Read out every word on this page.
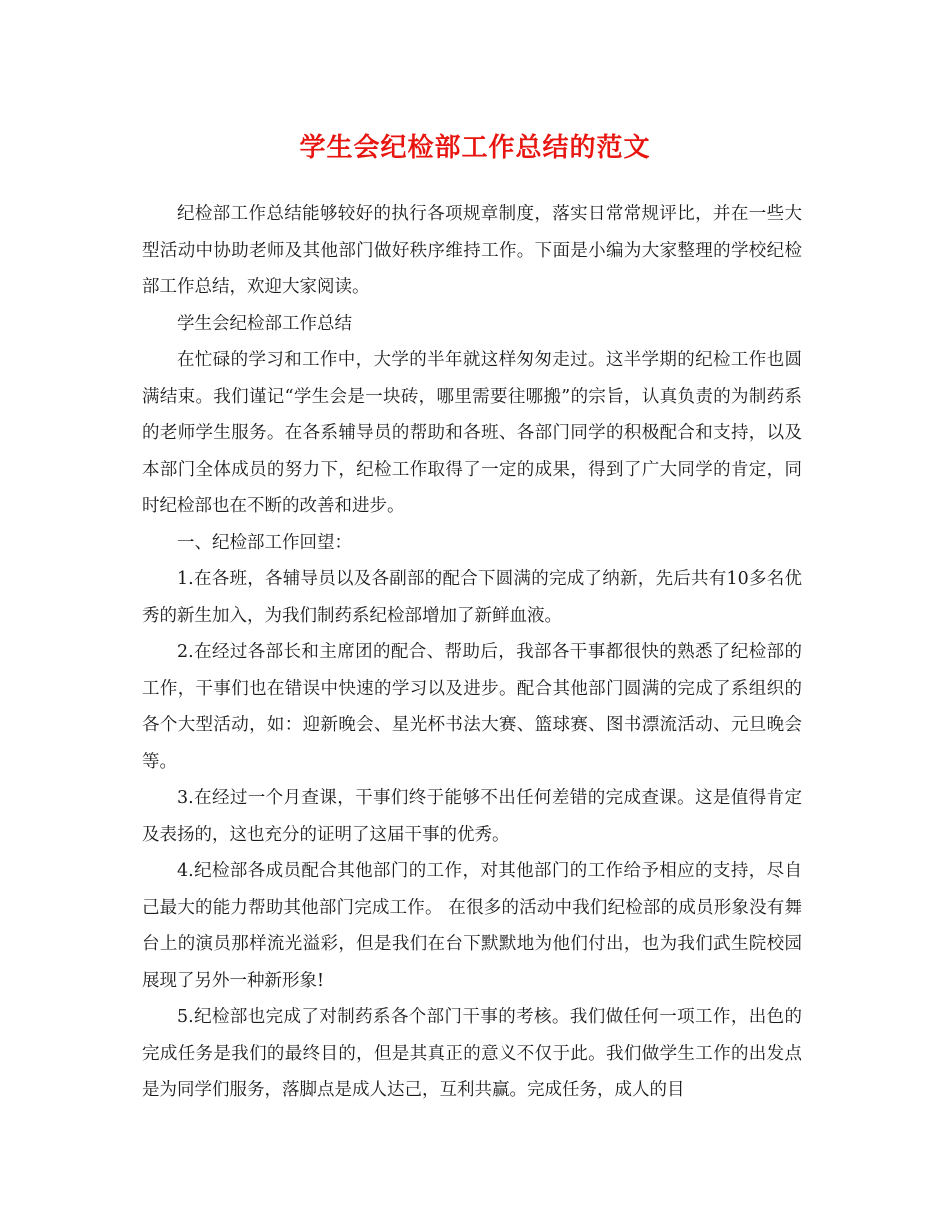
学生会纪检部工作总结的范文

纪检部工作总结能够较好的执行各项规章制度，落实日常常规评比，并在一些大型活动中协助老师及其他部门做好秩序维持工作。下面是小编为大家整理的学校纪检部工作总结，欢迎大家阅读。

学生会纪检部工作总结

在忙碌的学习和工作中，大学的半年就这样匆匆走过。这半学期的纪检工作也圆满结束。我们谨记“学生会是一块砖，哪里需要往哪搬”的宗旨，认真负责的为制药系的老师学生服务。在各系辅导员的帮助和各班、各部门同学的积极配合和支持，以及本部门全体成员的努力下，纪检工作取得了一定的成果，得到了广大同学的肯定，同时纪检部也在不断的改善和进步。

一、纪检部工作回望：

1.在各班，各辅导员以及各副部的配合下圆满的完成了纳新，先后共有10多名优秀的新生加入，为我们制药系纪检部增加了新鲜血液。

2.在经过各部长和主席团的配合、帮助后，我部各干事都很快的熟悉了纪检部的工作，干事们也在错误中快速的学习以及进步。配合其他部门圆满的完成了系组织的各个大型活动，如：迎新晚会、星光杯书法大赛、篮球赛、图书漂流活动、元旦晚会等。

3.在经过一个月查课，干事们终于能够不出任何差错的完成查课。这是值得肯定及表扬的，这也充分的证明了这届干事的优秀。

4.纪检部各成员配合其他部门的工作，对其他部门的工作给予相应的支持，尽自己最大的能力帮助其他部门完成工作。 在很多的活动中我们纪检部的成员形象没有舞台上的演员那样流光溢彩，但是我们在台下默默地为他们付出，也为我们武生院校园展现了另外一种新形象!

5.纪检部也完成了对制药系各个部门干事的考核。我们做任何一项工作，出色的完成任务是我们的最终目的，但是其真正的意义不仅于此。我们做学生工作的出发点是为同学们服务，落脚点是成人达己，互利共赢。完成任务，成人的目
